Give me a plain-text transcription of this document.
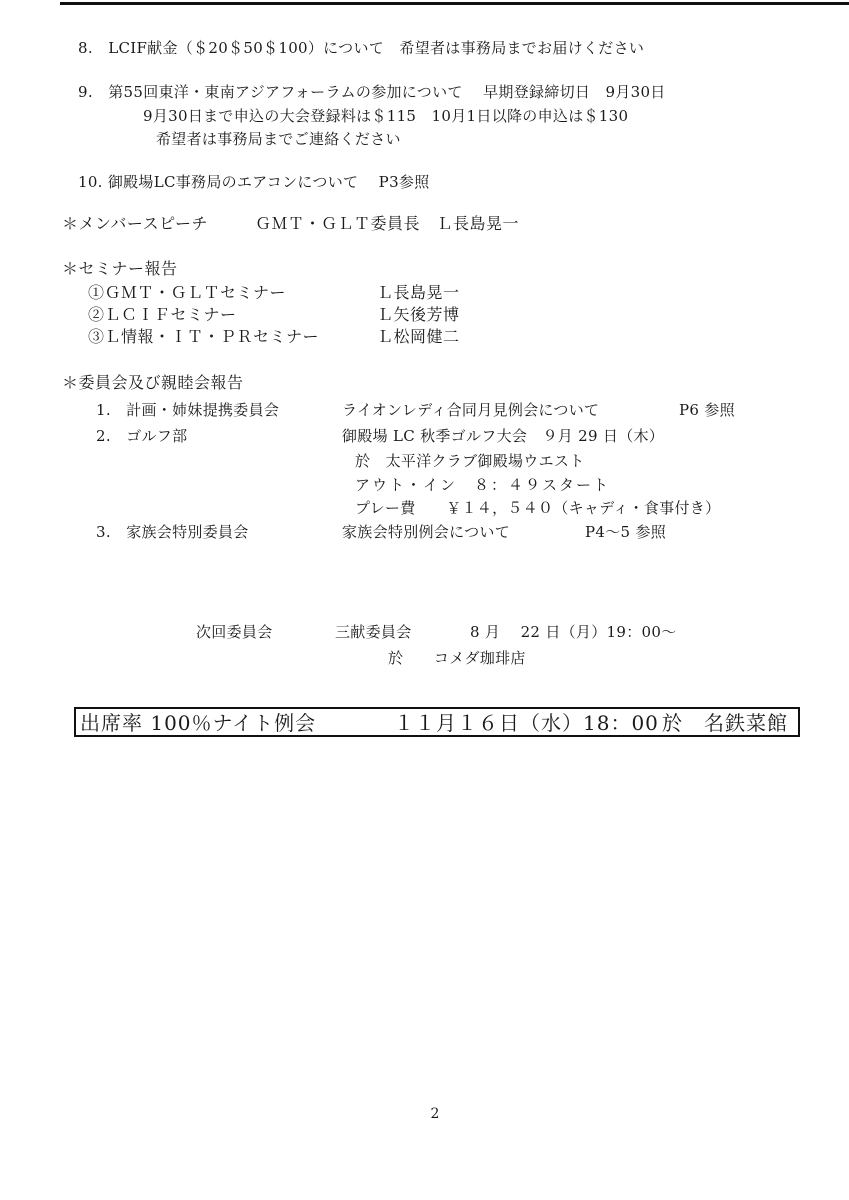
8.　LCIF献金（＄20＄50＄100）について　希望者は事務局までお届けください
9.　第55回東洋・東南アジアフォーラムの参加について　 早期登録締切日　9月30日
9月30日まで申込の大会登録料は＄115　10月1日以降の申込は＄130
希望者は事務局までご連絡ください
10. 御殿場LC事務局のエアコンについて　 P3参照
＊メンバースピーチ	ＧＭＴ・ＧＬＴ委員長　Ｌ長島晃一
＊セミナー報告
①ＧＭＴ・ＧＬＴセミナー	Ｌ長島晃一
②ＬＣＩＦセミナー	Ｌ矢後芳博
③Ｌ情報・ＩＴ・ＰＲセミナー	Ｌ松岡健二
＊委員会及び親睦会報告
1.　計画・姉妹提携委員会	ライオンレディ合同月見例会について	P6 参照
2.　ゴルフ部	御殿場 LC 秋季ゴルフ大会　９月 29 日（木）
於　太平洋クラブ御殿場ウエスト
アウト・イン　８：４９スタート
プレー費　　￥１４，５４０（キャディ・食事付き）
3.　家族会特別委員会	家族会特別例会について	P4～5 参照
次回委員会	三献委員会	8 月　 22 日（月）19：00～
於　　コメダ珈琲店
出席率 100％ナイト例会	１１月１６日（水）18：00 於　名鉄菜館
2
